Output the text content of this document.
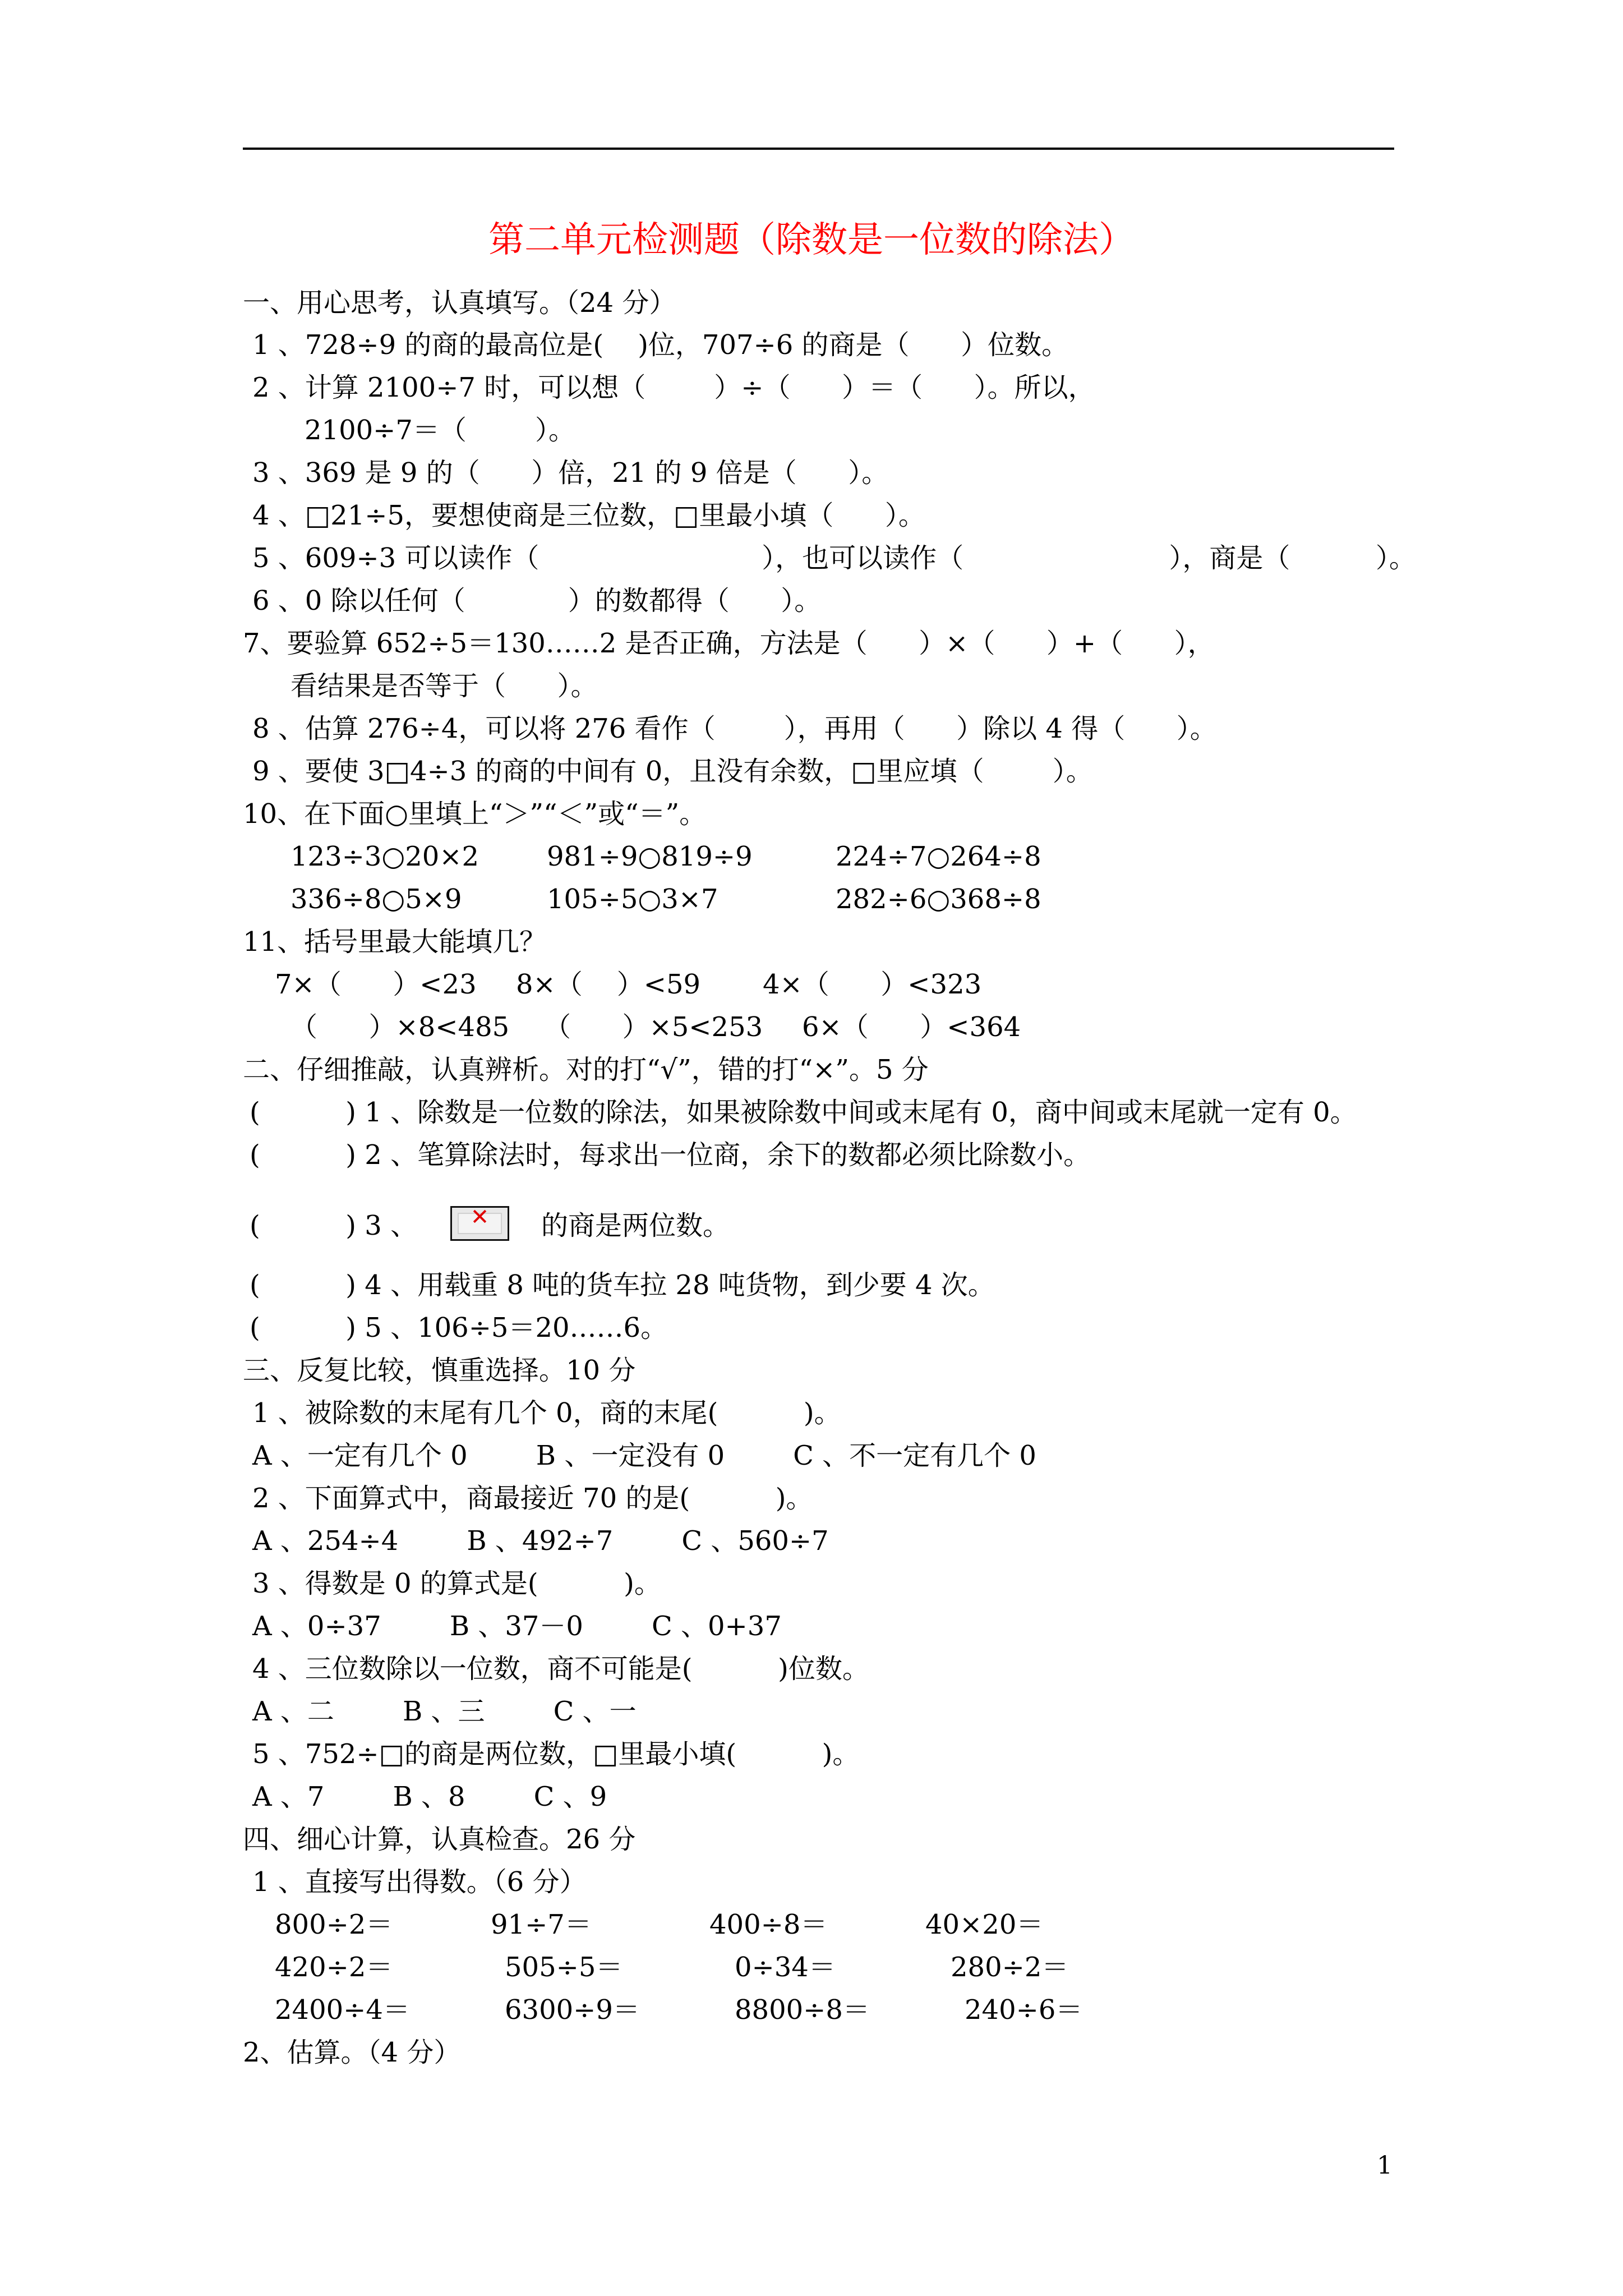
第二单元检测题（除数是一位数的除法）
一、用心思考，认真填写。（24 分）
1 、728÷9 的商的最高位是(    )位，707÷6 的商是（      ）位数。
2 、计算 2100÷7 时，可以想（        ）÷（      ）＝（      ）。所以，
2100÷7＝（        ）。
3 、369 是 9 的（      ）倍，21 的 9 倍是（      ）。
4 、□21÷5，要想使商是三位数，□里最小填（      ）。
5 、609÷3 可以读作（                          ），也可以读作（                        ），商是（          ）。
6 、0 除以任何（            ）的数都得（      ）。
7、要验算 652÷5＝130……2 是否正确，方法是（      ）×（      ）+（      ），
看结果是否等于（      ）。
8 、估算 276÷4，可以将 276 看作（        ），再用（      ）除以 4 得（      ）。
9 、要使 3□4÷3 的商的中间有 0，且没有余数，□里应填（        ）。
10、在下面○里填上“＞”“＜”或“＝”。
123÷3○20×2	981÷9○819÷9	224÷7○264÷8
336÷8○5×9	105÷5○3×7	282÷6○368÷8
11、括号里最大能填几？
7×（      ）<23 8×（    ）<59 4×（      ）<323
（      ）×8<485 （      ）×5<253 6×（      ）<364
二、仔细推敲，认真辨析。对的打“√”，错的打“×”。5 分
(          ) 1 、除数是一位数的除法，如果被除数中间或末尾有 0，商中间或末尾就一定有 0。
(          ) 2 、笔算除法时，每求出一位商，余下的数都必须比除数小。
(          ) 3 、	的商是两位数。
(          ) 4 、用载重 8 吨的货车拉 28 吨货物，到少要 4 次。
(          ) 5 、106÷5＝20……6。
三、反复比较，慎重选择。10 分
1 、被除数的末尾有几个 0，商的末尾(          )。
A 、一定有几个 0        B 、一定没有 0        C 、不一定有几个 0
2 、下面算式中，商最接近 70 的是(          )。
A 、254÷4        B 、492÷7        C 、560÷7
3 、得数是 0 的算式是(          )。
A 、0÷37        B 、37－0        C 、0+37
4 、三位数除以一位数，商不可能是(          )位数。
A 、二        B 、三        C 、一
5 、752÷□的商是两位数，□里最小填(          )。
A 、7        B 、8        C 、9
四、细心计算，认真检查。26 分
1 、直接写出得数。（6 分）
800÷2＝	91÷7＝	400÷8＝	40×20＝
420÷2＝	505÷5＝	0÷34＝	280÷2＝
2400÷4＝	6300÷9＝	8800÷8＝	240÷6＝
2、估算。（4 分）
✕
1
